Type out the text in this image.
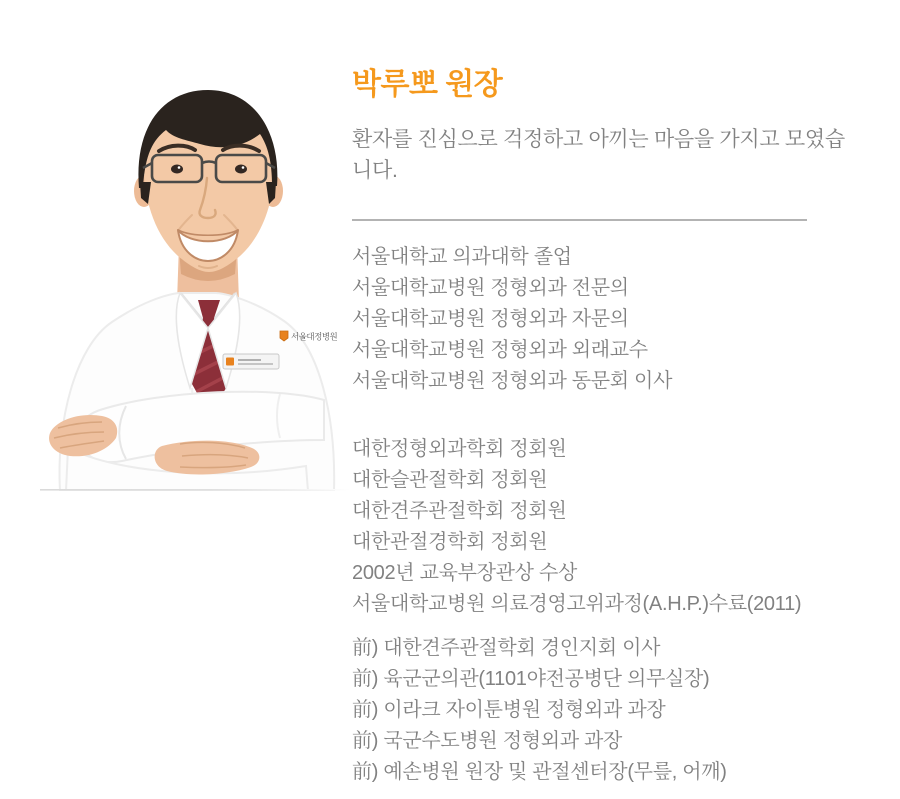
서울대정병원
박루뽀 원장

환자를 진심으로 걱정하고 아끼는 마음을 가지고 모였습니다.

서울대학교 의과대학 졸업
서울대학교병원 정형외과 전문의
서울대학교병원 정형외과 자문의
서울대학교병원 정형외과 외래교수
서울대학교병원 정형외과 동문회 이사
대한정형외과학회 정회원
대한슬관절학회 정회원
대한견주관절학회 정회원
대한관절경학회 정회원
2002년 교육부장관상 수상
서울대학교병원 의료경영고위과정(A.H.P.)수료(2011)
前) 대한견주관절학회 경인지회 이사
前) 육군군의관(1101야전공병단 의무실장)
前) 이라크 자이툰병원 정형외과 과장
前) 국군수도병원 정형외과 과장
前) 예손병원 원장 및 관절센터장(무릎, 어깨)
